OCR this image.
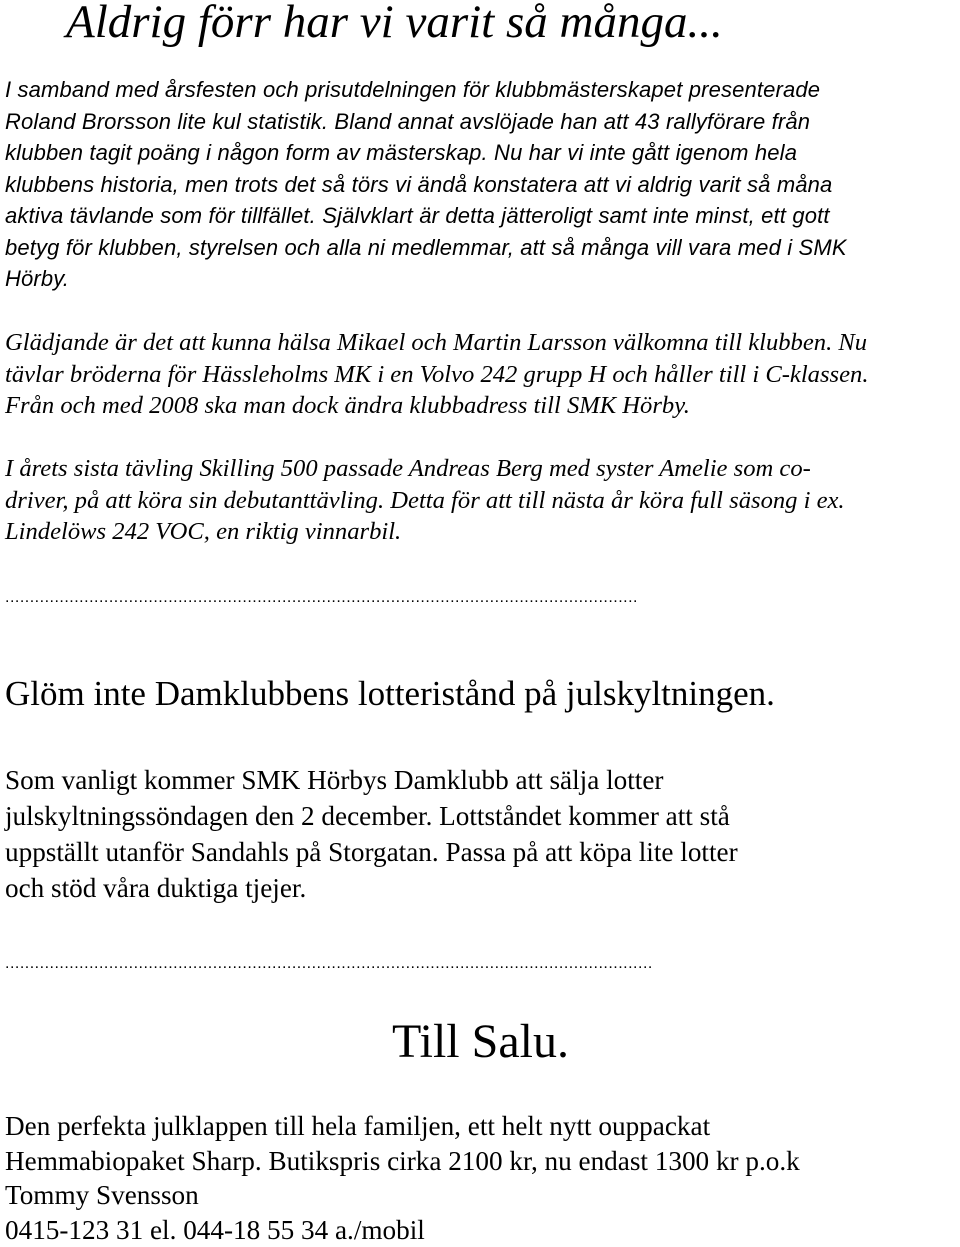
Aldrig förr har vi varit så många...

I samband med årsfesten och prisutdelningen för klubbmästerskapet presenterade
Roland Brorsson lite kul statistik. Bland annat avslöjade han att 43 rallyförare från
klubben tagit poäng i någon form av mästerskap. Nu har vi inte gått igenom hela
klubbens historia, men trots det så törs vi ändå konstatera att vi aldrig varit så måna
aktiva tävlande som för tillfället. Självklart är detta jätteroligt samt inte minst, ett gott
betyg för klubben, styrelsen och alla ni medlemmar, att så många vill vara med i SMK
Hörby.

Glädjande är det att kunna hälsa Mikael och Martin Larsson välkomna till klubben. Nu
tävlar bröderna för Hässleholms MK i en Volvo 242 grupp H och håller till i C-klassen.
Från och med 2008 ska man dock ändra klubbadress till SMK Hörby.

I årets sista tävling Skilling 500 passade Andreas Berg med syster Amelie som co-
driver, på att köra sin debutanttävling. Detta för att till nästa år köra full säsong i ex.
Lindelöws 242 VOC, en riktig vinnarbil.

................................................................................................................................
Glöm inte Damklubbens lotteristånd på julskyltningen.

Som vanligt kommer SMK Hörbys Damklubb att sälja lotter
julskyltningssöndagen den 2 december. Lottståndet kommer att stå
uppställt utanför Sandahls på Storgatan. Passa på att köpa lite lotter
och stöd våra duktiga tjejer.

...................................................................................................................................
Till Salu.

Den perfekta julklappen till hela familjen, ett helt nytt ouppackat
Hemmabiopaket Sharp. Butikspris cirka 2100 kr, nu endast 1300 kr p.o.k
Tommy Svensson
0415-123 31 el. 044-18 55 34 a./mobil
